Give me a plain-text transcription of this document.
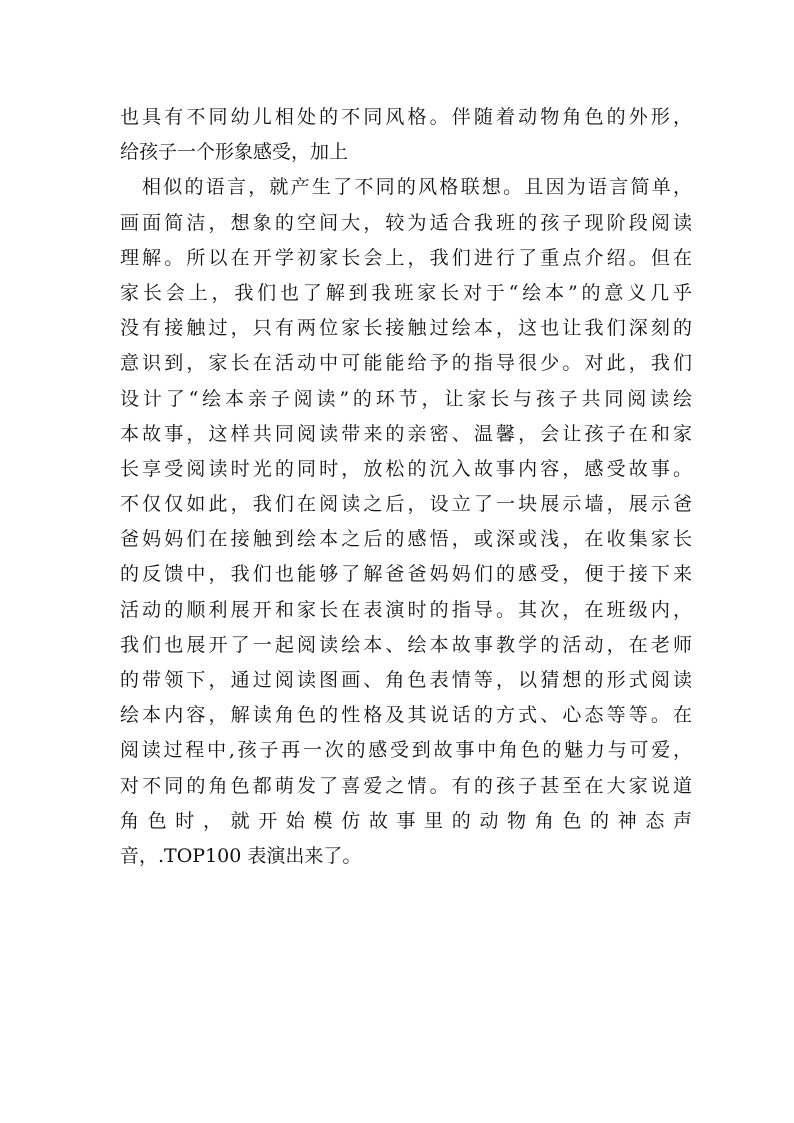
也具有不同幼儿相处的不同风格。伴随着动物角色的外形，
给孩子一个形象感受，加上
相似的语言，就产生了不同的风格联想。且因为语言简单，
画面简洁，想象的空间大，较为适合我班的孩子现阶段阅读
理解。所以在开学初家长会上，我们进行了重点介绍。但在
家长会上，我们也了解到我班家长对于“绘本”的意义几乎
没有接触过，只有两位家长接触过绘本，这也让我们深刻的
意识到，家长在活动中可能能给予的指导很少。对此，我们
设计了“绘本亲子阅读”的环节，让家长与孩子共同阅读绘
本故事，这样共同阅读带来的亲密、温馨，会让孩子在和家
长享受阅读时光的同时，放松的沉入故事内容，感受故事。
不仅仅如此，我们在阅读之后，设立了一块展示墙，展示爸
爸妈妈们在接触到绘本之后的感悟，或深或浅，在收集家长
的反馈中，我们也能够了解爸爸妈妈们的感受，便于接下来
活动的顺利展开和家长在表演时的指导。其次，在班级内，
我们也展开了一起阅读绘本、绘本故事教学的活动，在老师
的带领下，通过阅读图画、角色表情等，以猜想的形式阅读
绘本内容，解读角色的性格及其说话的方式、心态等等。在
阅读过程中,孩子再一次的感受到故事中角色的魅力与可爱，
对不同的角色都萌发了喜爱之情。有的孩子甚至在大家说道
角色时，就开始模仿故事里的动物角色的神态声
音，.TOP100 表演出来了。
